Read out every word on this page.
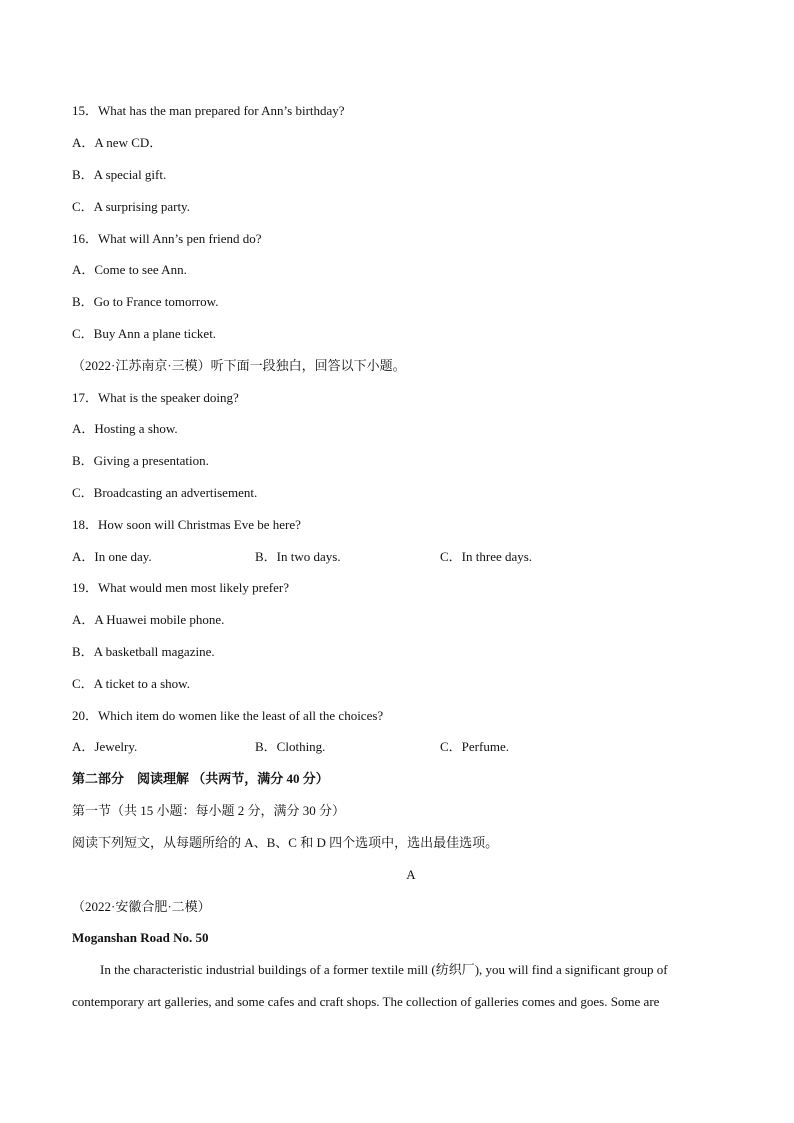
15．What has the man prepared for Ann’s birthday?
A．A new CD．
B．A special gift.
C．A surprising party.
16．What will Ann’s pen friend do?
A．Come to see Ann.
B．Go to France tomorrow.
C．Buy Ann a plane ticket.
（2022·江苏南京·三模）听下面一段独白，回答以下小题。
17．What is the speaker doing?
A．Hosting a show.
B．Giving a presentation.
C．Broadcasting an advertisement.
18．How soon will Christmas Eve be here?
A．In one day.	B．In two days.	C．In three days.
19．What would men most likely prefer?
A．A Huawei mobile phone.
B．A basketball magazine.
C．A ticket to a show.
20．Which item do women like the least of all the choices?
A．Jewelry.	B．Clothing.	C．Perfume.
第二部分　阅读理解 （共两节，满分 40 分）
第一节（共 15 小题：每小题 2 分，满分 30 分）
阅读下列短文，从每题所给的 A、B、C 和 D 四个选项中，选出最佳选项。
A
（2022·安徽合肥·二模）
Moganshan Road No. 50
In the characteristic industrial buildings of a former textile mill (纺织厂), you will find a significant group of
contemporary art galleries, and some cafes and craft shops. The collection of galleries comes and goes. Some are
